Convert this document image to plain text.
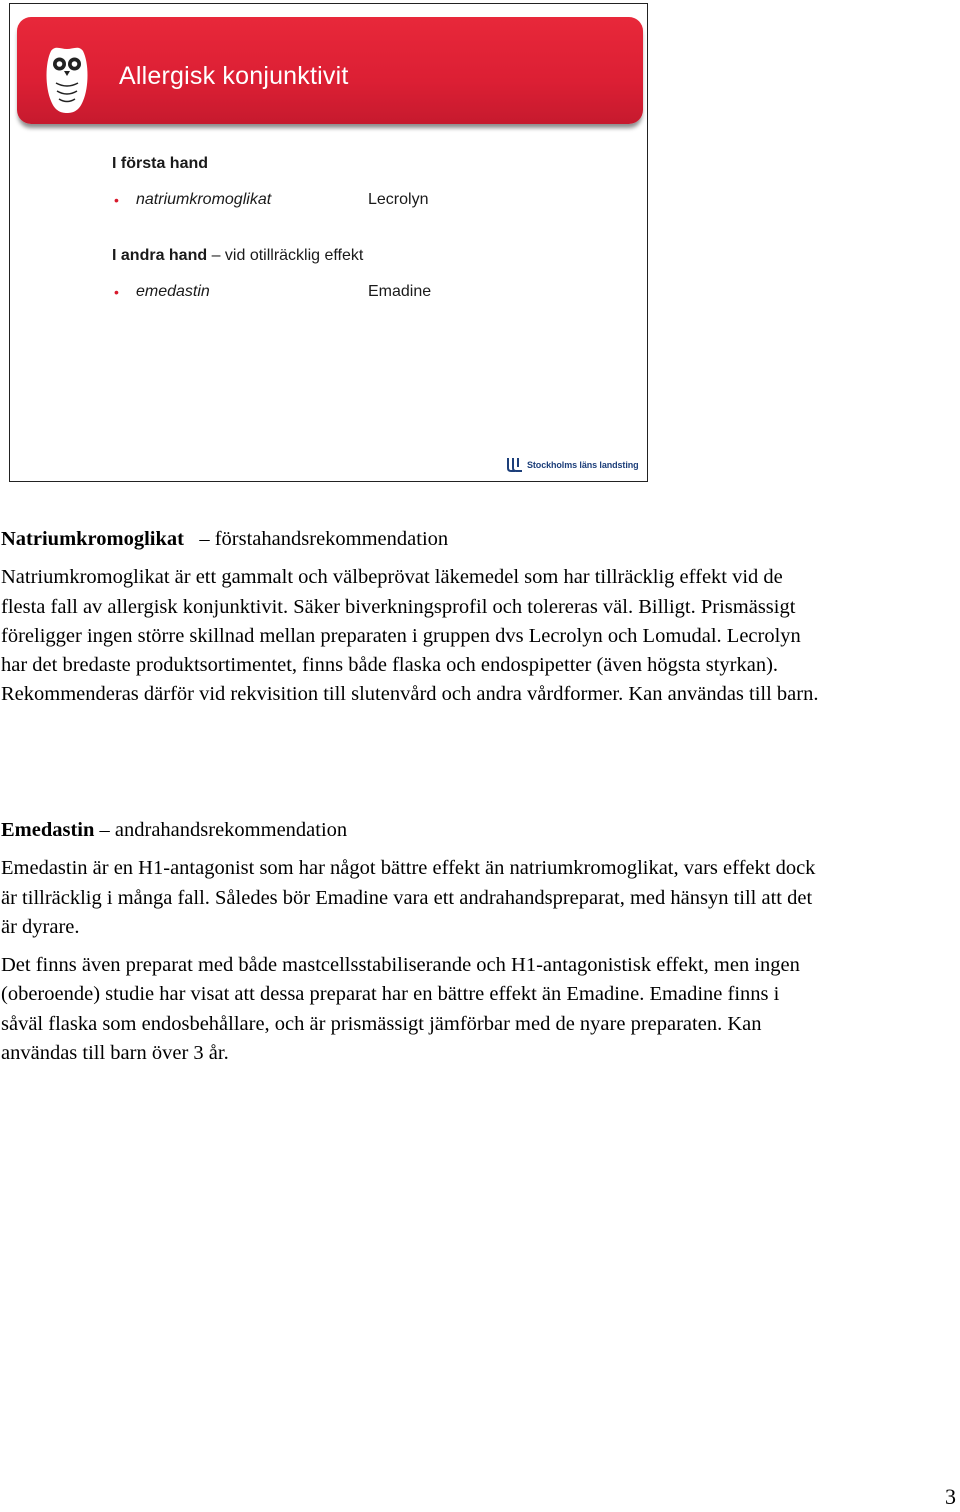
Allergisk konjunktivit
I första hand
• natriumkromoglikat	Lecrolyn
I andra hand – vid otillräcklig effekt
• emedastin	Emadine
Stockholms läns landsting

Natriumkromoglikat – förstahandsrekommendation

Natriumkromoglikat är ett gammalt och välbeprövat läkemedel som har tillräcklig effekt vid de flesta fall av allergisk konjunktivit. Säker biverkningsprofil och tolereras väl. Billigt. Prismässigt föreligger ingen större skillnad mellan preparaten i gruppen dvs Lecrolyn och Lomudal. Lecrolyn har det bredaste produktsortimentet, finns både flaska och endospipetter (även högsta styrkan). Rekommenderas därför vid rekvisition till slutenvård och andra vårdformer. Kan användas till barn.

Emedastin – andrahandsrekommendation

Emedastin är en H1-antagonist som har något bättre effekt än natriumkromoglikat, vars effekt dock är tillräcklig i många fall. Således bör Emadine vara ett andrahandspreparat, med hänsyn till att det är dyrare.

Det finns även preparat med både mastcellsstabiliserande och H1-antagonistisk effekt, men ingen (oberoende) studie har visat att dessa preparat har en bättre effekt än Emadine. Emadine finns i såväl flaska som endosbehållare, och är prismässigt jämförbar med de nyare preparaten. Kan användas till barn över 3 år.

3
